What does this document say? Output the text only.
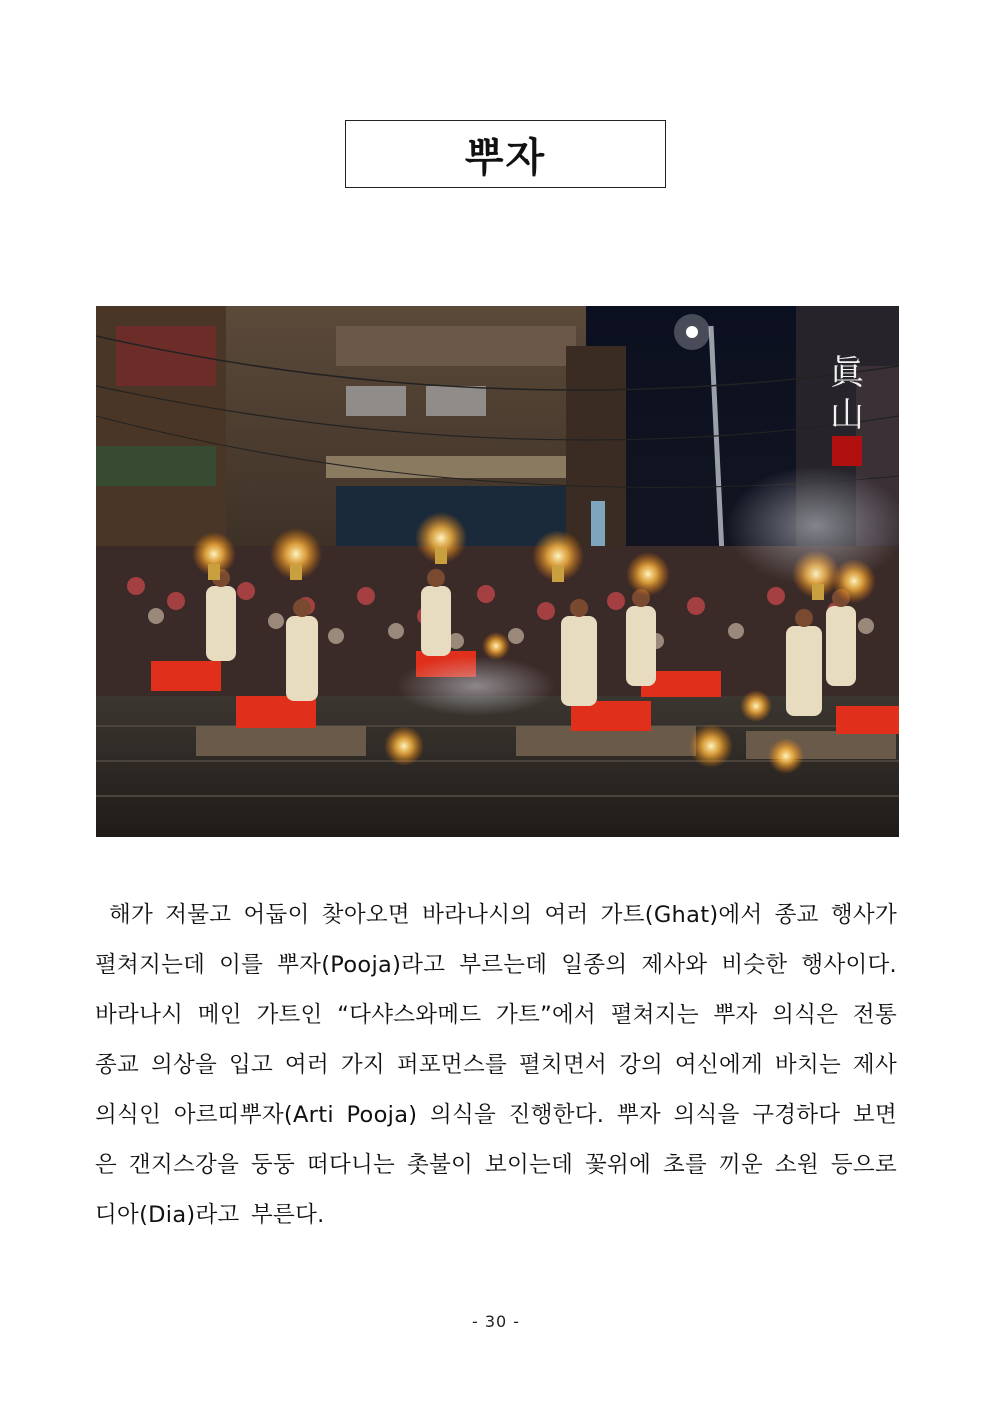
뿌자
眞
山
해가 저물고 어둡이 찾아오면 바라나시의 여러 가트(Ghat)에서 종교 행사가 펼쳐지는데 이를 뿌자(Pooja)라고 부르는데 일종의 제사와 비슷한 행사이다. 바라나시 메인 가트인 “다샤스와메드 가트”에서 펼쳐지는 뿌자 의식은 전통 종교 의상을 입고 여러 가지 퍼포먼스를 펼치면서 강의 여신에게 바치는 제사의식인 아르띠뿌자(Arti Pooja) 의식을 진행한다. 뿌자 의식을 구경하다 보면은 갠지스강을 둥둥 떠다니는 촛불이 보이는데 꽃위에 초를 끼운 소원 등으로 디아(Dia)라고 부른다.
- 30 -
